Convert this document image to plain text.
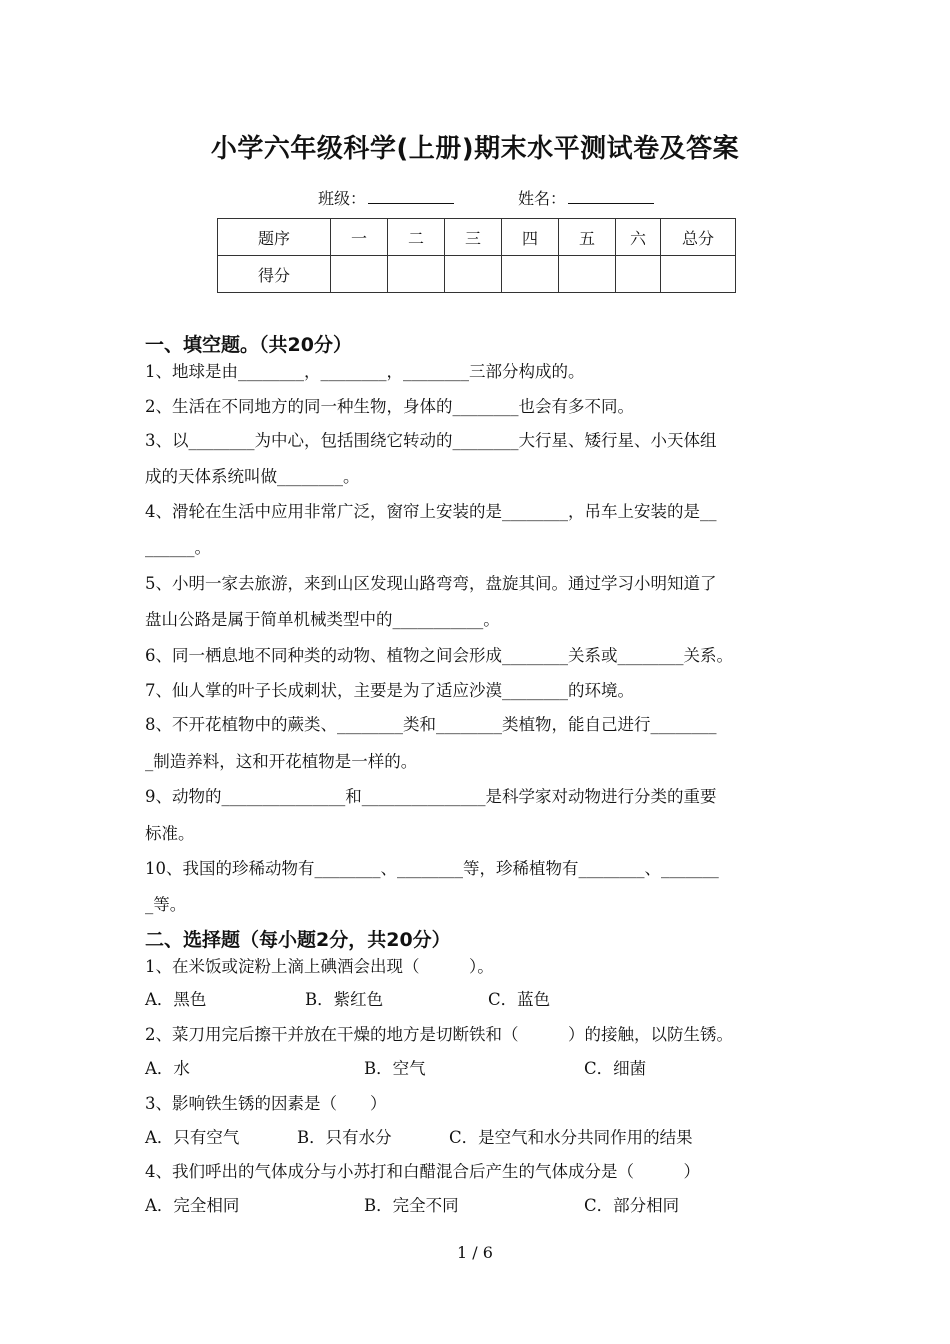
小学六年级科学(上册)期末水平测试卷及答案
班级：	姓名：
题序	一	二	三	四	五	六	总分
得分							
一、填空题。（共20分）
1、地球是由________，________，________三部分构成的。
2、生活在不同地方的同一种生物，身体的________也会有多不同。
3、以________为中心，包括围绕它转动的________大行星、矮行星、小天体组
成的天体系统叫做________。
4、滑轮在生活中应用非常广泛，窗帘上安装的是________，吊车上安装的是__
______。
5、小明一家去旅游，来到山区发现山路弯弯，盘旋其间。通过学习小明知道了
盘山公路是属于简单机械类型中的___________。
6、同一栖息地不同种类的动物、植物之间会形成________关系或________关系。
7、仙人掌的叶子长成刺状，主要是为了适应沙漠________的环境。
8、不开花植物中的蕨类、________类和________类植物，能自己进行________
_制造养料，这和开花植物是一样的。
9、动物的_______________和_______________是科学家对动物进行分类的重要
标准。
10、我国的珍稀动物有________、________等，珍稀植物有________、_______
_等。
二、选择题（每小题2分，共20分）
1、在米饭或淀粉上滴上碘酒会出现（　　　）。
A．黑色	B．紫红色	C．蓝色
2、菜刀用完后擦干并放在干燥的地方是切断铁和（　　　）的接触，以防生锈。
A．水	B．空气	C．细菌
3、影响铁生锈的因素是（　　）
A．只有空气	B．只有水分	C．是空气和水分共同作用的结果
4、我们呼出的气体成分与小苏打和白醋混合后产生的气体成分是（　　　）
A．完全相同	B．完全不同	C．部分相同
1 / 6
